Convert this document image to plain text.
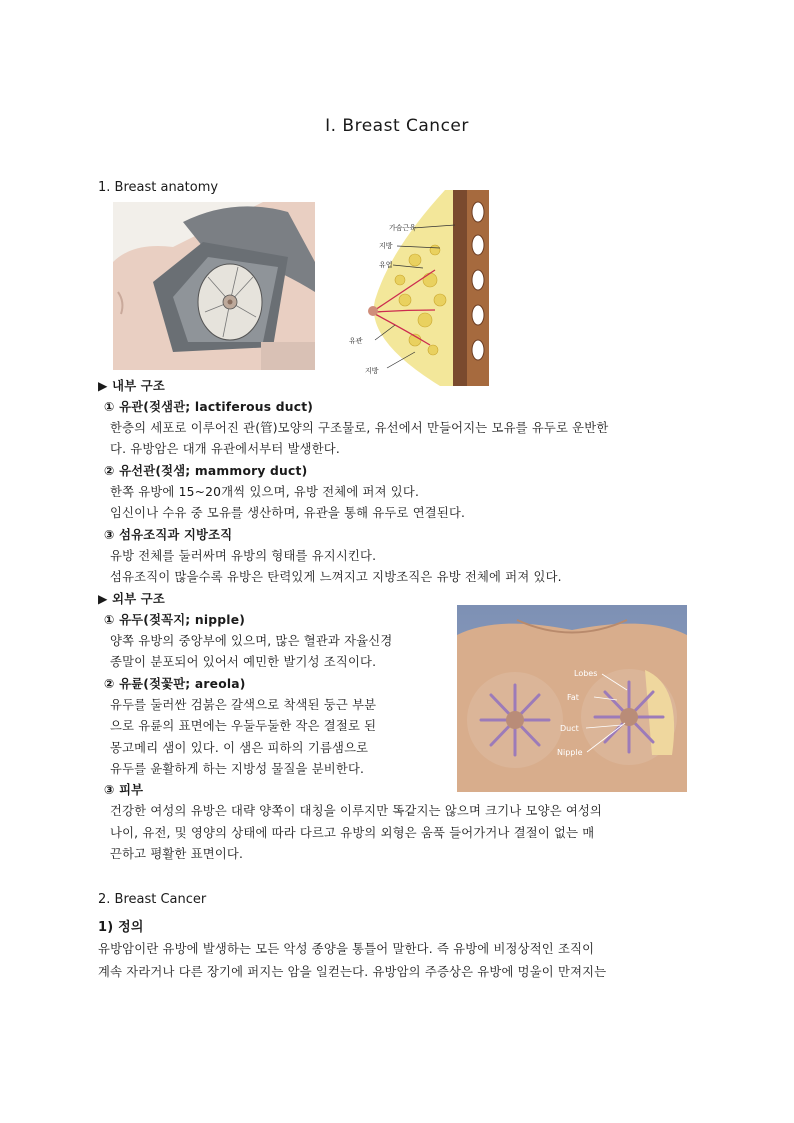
Ⅰ. Breast Cancer
1. Breast anatomy
가슴근육
지방
유엽
유관
지방
▶ 내부 구조
① 유관(젖샘관; lactiferous duct)
한층의 세포로 이루어진 관(管)모양의 구조물로, 유선에서 만들어지는 모유를 유두로 운반한
다. 유방암은 대개 유관에서부터 발생한다.
② 유선관(젖샘; mammory duct)
한쪽 유방에 15~20개씩 있으며, 유방 전체에 퍼져 있다.
임신이나 수유 중 모유를 생산하며, 유관을 통해 유두로 연결된다.
③ 섬유조직과 지방조직
유방 전체를 둘러싸며 유방의 형태를 유지시킨다.
섬유조직이 많을수록 유방은 탄력있게 느껴지고 지방조직은 유방 전체에 퍼져 있다.
▶ 외부 구조
① 유두(젖꼭지; nipple)
양쪽 유방의 중앙부에 있으며, 많은 혈관과 자율신경
종말이 분포되어 있어서 예민한 발기성 조직이다.
② 유륜(젖꽃판; areola)
유두를 둘러싼 검붉은 갈색으로 착색된 둥근 부분
으로 유륜의 표면에는 우둘두둘한 작은 결절로 된
몽고메리 샘이 있다. 이 샘은 피하의 기름샘으로
유두를 윤활하게 하는 지방성 물질을 분비한다.
③ 피부
건강한 여성의 유방은 대략 양쪽이 대칭을 이루지만 똑같지는 않으며 크기나 모양은 여성의
나이, 유전, 및 영양의 상태에 따라 다르고 유방의 외형은 움푹 들어가거나 결절이 없는 매
끈하고 평활한 표면이다.
Lobes
Fat
Duct
Nipple
2. Breast Cancer
1) 정의
유방암이란 유방에 발생하는 모든 악성 종양을 통틀어 말한다. 즉 유방에 비정상적인 조직이
계속 자라거나 다른 장기에 퍼지는 암을 일컫는다. 유방암의 주증상은 유방에 멍울이 만져지는
